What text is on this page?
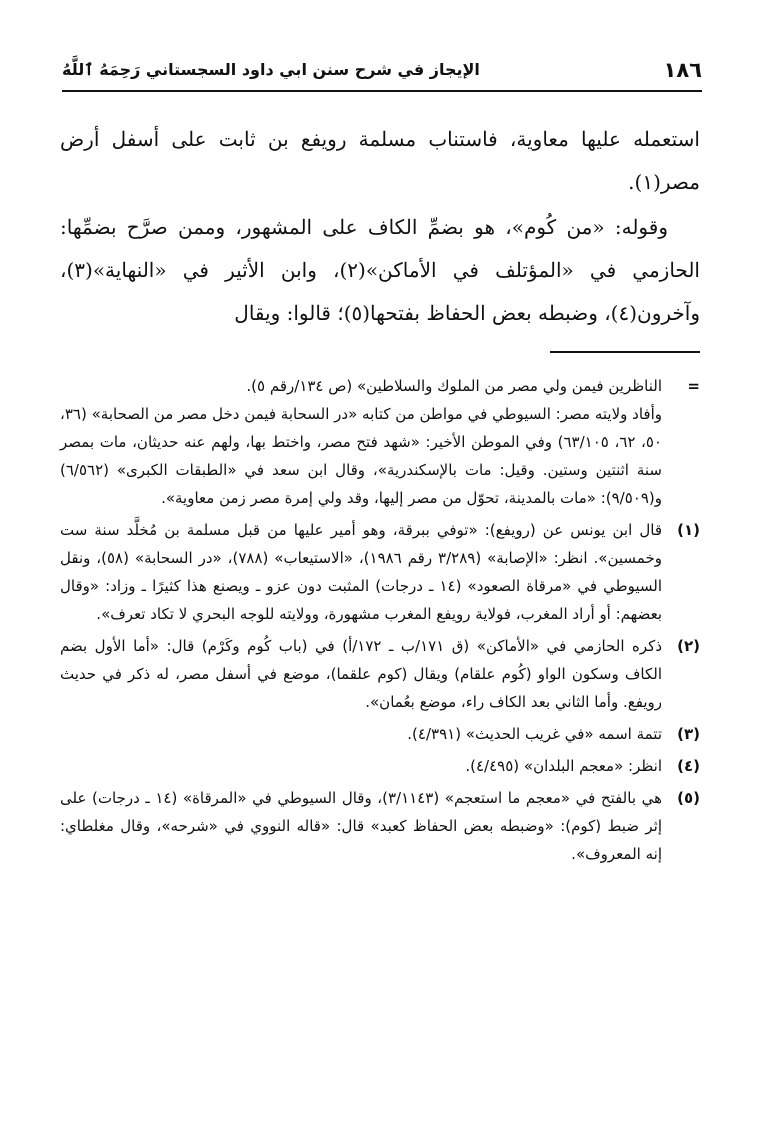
١٨٦
الإيجاز في شرح سنن ابي داود السجستاني رَحِمَهُ ٱللَّهُ

استعمله عليها معاوية، فاستناب مسلمة رويفع بن ثابت على أسفل أرض مصر(١).

وقوله: «من كُوم»، هو بضمِّ الكاف على المشهور، وممن صرَّح بضمِّها: الحازمي في «المؤتلف في الأماكن»(٢)، وابن الأثير في «النهاية»(٣)، وآخرون(٤)، وضبطه بعض الحفاظ بفتحها(٥)؛ قالوا: ويقال

=

الناظرين فيمن ولي مصر من الملوك والسلاطين» (ص ١٣٤/رقم ٥).

وأفاد ولايته مصر: السيوطي في مواطن من كتابه «در السحابة فيمن دخل مصر من الصحابة» (٣٦، ٥٠، ٦٢، ٦٣/١٠٥) وفي الموطن الأخير: «شهد فتح مصر، واختط بها، ولهم عنه حديثان، مات بمصر سنة اثنتين وستين. وقيل: مات بالإسكندرية»، وقال ابن سعد في «الطبقات الكبرى» (٦/٥٦٢) و(٩/٥٠٩): «مات بالمدينة، تحوّل من مصر إليها، وقد ولي إمرة مصر زمن معاوية».

(١)
قال ابن يونس عن (رويفع): «توفي ببرقة، وهو أمير عليها من قبل مسلمة بن مُخلَّد سنة ست وخمسين». انظر: «الإصابة» (٣/٢٨٩ رقم ١٩٨٦)، «الاستيعاب» (٧٨٨)، «در السحابة» (٥٨)، ونقل السيوطي في «مرقاة الصعود» (١٤ ـ درجات) المثبت دون عزو ـ ويصنع هذا كثيرًا ـ وزاد: «وقال بعضهم: أو أراد المغرب، فولاية رويفع المغرب مشهورة، وولايته للوجه البحري لا تكاد تعرف».
(٢)
ذكره الحازمي في «الأماكن» (ق ١٧١/ب ـ ١٧٢/أ) في (باب كُوم وكَرْم) قال: «أما الأول بضم الكاف وسكون الواو (كُوم علقام) ويقال (كوم علقما)، موضع في أسفل مصر، له ذكر في حديث رويفع. وأما الثاني بعد الكاف راء، موضع بعُمان».
(٣)
تتمة اسمه «في غريب الحديث» (٤/٣٩١).
(٤)
انظر: «معجم البلدان» (٤/٤٩٥).
(٥)
هي بالفتح في «معجم ما استعجم» (٣/١١٤٣)، وقال السيوطي في «المرقاة» (١٤ ـ درجات) على إثر ضبط (كوم): «وضبطه بعض الحفاظ كعبد» قال: «قاله النووي في «شرحه»، وقال مغلطاي: إنه المعروف».
